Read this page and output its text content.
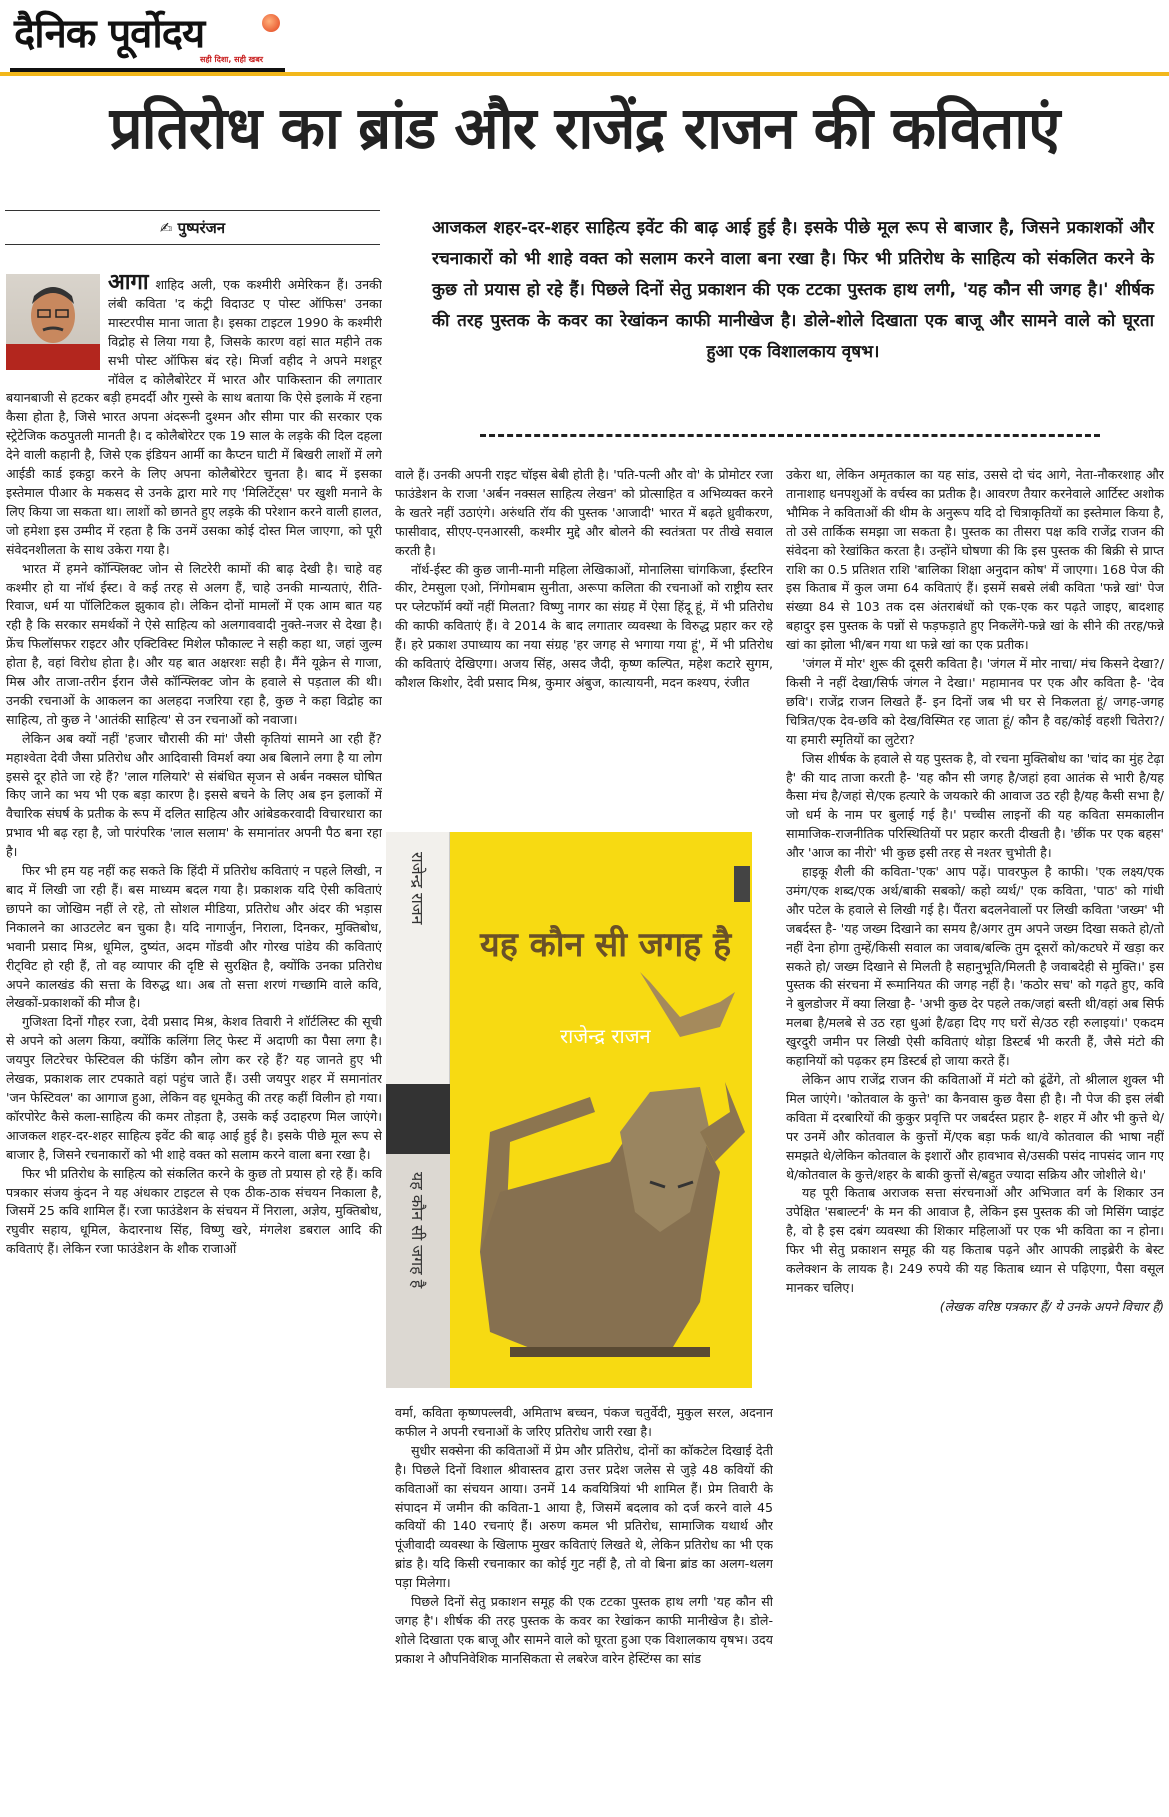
दैनिक पूर्वोदय
सही दिशा, सही खबर
प्रतिरोध का ब्रांड और राजेंद्र राजन की कविताएं
✍ पुष्परंजन	आजकल शहर-दर-शहर साहित्य इवेंट की बाढ़ आई हुई है। इसके पीछे मूल रूप से बाजार है, जिसने प्रकाशकों और रचनाकारों को भी शाहे वक्त को सलाम करने वाला बना रखा है। फिर भी प्रतिरोध के साहित्य को संकलित करने के कुछ तो प्रयास हो रहे हैं। पिछले दिनों सेतु प्रकाशन की एक टटका पुस्तक हाथ लगी, 'यह कौन सी जगह है।' शीर्षक की तरह पुस्तक के कवर का रेखांकन काफी मानीखेज है। डोले-शोले दिखाता एक बाजू और सामने वाले को घूरता हुआ एक विशालकाय वृषभ।

आगा शाहिद अली, एक कश्मीरी अमेरिकन हैं। उनकी लंबी कविता 'द कंट्री विदाउट ए पोस्ट ऑफिस' उनका मास्टरपीस माना जाता है। इसका टाइटल 1990 के कश्मीरी विद्रोह से लिया गया है, जिसके कारण वहां सात महीने तक सभी पोस्ट ऑफिस बंद रहे। मिर्जा वहीद ने अपने मशहूर नॉवेल द कोलैबोरेटर में भारत और पाकिस्तान की लगातार बयानबाजी से हटकर बड़ी हमदर्दी और गुस्से के साथ बताया कि ऐसे इलाके में रहना कैसा होता है, जिसे भारत अपना अंदरूनी दुश्मन और सीमा पार की सरकार एक स्ट्रेटेजिक कठपुतली मानती है। द कोलैबोरेटर एक 19 साल के लड़के की दिल दहला देने वाली कहानी है, जिसे एक इंडियन आर्मी का कैप्टन घाटी में बिखरी लाशों में लगे आईडी कार्ड इकट्ठा करने के लिए अपना कोलैबोरेटर चुनता है। बाद में इसका इस्तेमाल पीआर के मकसद से उनके द्वारा मारे गए 'मिलिटेंट्स' पर खुशी मनाने के लिए किया जा सकता था। लाशों को छानते हुए लड़के की परेशान करने वाली हालत, जो हमेशा इस उम्मीद में रहता है कि उनमें उसका कोई दोस्त मिल जाएगा, को पूरी संवेदनशीलता के साथ उकेरा गया है।

भारत में हमने कॉन्फ्लिक्ट जोन से लिटरेरी कामों की बाढ़ देखी है। चाहे वह कश्मीर हो या नॉर्थ ईस्ट। वे कई तरह से अलग हैं, चाहे उनकी मान्यताएं, रीति-रिवाज, धर्म या पॉलिटिकल झुकाव हो। लेकिन दोनों मामलों में एक आम बात यह रही है कि सरकार समर्थकों ने ऐसे साहित्य को अलगाववादी नुक्ते-नजर से देखा है। फ्रेंच फिलॉसफर राइटर और एक्टिविस्ट मिशेल फौकाल्ट ने सही कहा था, जहां जुल्म होता है, वहां विरोध होता है। और यह बात अक्षरशः सही है। मैंने यूक्रेन से गाजा, मिस्र और ताजा-तरीन ईरान जैसे कॉन्फ्लिक्ट जोन के हवाले से पड़ताल की थी। उनकी रचनाओं के आकलन का अलहदा नजरिया रहा है, कुछ ने कहा विद्रोह का साहित्य, तो कुछ ने 'आतंकी साहित्य' से उन रचनाओं को नवाजा।

लेकिन अब क्यों नहीं 'हजार चौरासी की मां' जैसी कृतियां सामने आ रही हैं? महाश्वेता देवी जैसा प्रतिरोध और आदिवासी विमर्श क्या अब बिलाने लगा है या लोग इससे दूर होते जा रहे हैं? 'लाल गलियारे' से संबंधित सृजन से अर्बन नक्सल घोषित किए जाने का भय भी एक बड़ा कारण है। इससे बचने के लिए अब इन इलाकों में वैचारिक संघर्ष के प्रतीक के रूप में दलित साहित्य और आंबेडकरवादी विचारधारा का प्रभाव भी बढ़ रहा है, जो पारंपरिक 'लाल सलाम' के समानांतर अपनी पैठ बना रहा है।

फिर भी हम यह नहीं कह सकते कि हिंदी में प्रतिरोध कविताएं न पहले लिखी, न बाद में लिखी जा रही हैं। बस माध्यम बदल गया है। प्रकाशक यदि ऐसी कविताएं छापने का जोखिम नहीं ले रहे, तो सोशल मीडिया, प्रतिरोध और अंदर की भड़ास निकालने का आउटलेट बन चुका है। यदि नागार्जुन, निराला, दिनकर, मुक्तिबोध, भवानी प्रसाद मिश्र, धूमिल, दुष्यंत, अदम गोंडवी और गोरख पांडेय की कविताएं रीट्विट हो रही हैं, तो वह व्यापार की दृष्टि से सुरक्षित है, क्योंकि उनका प्रतिरोध अपने कालखंड की सत्ता के विरुद्ध था। अब तो सत्ता शरणं गच्छामि वाले कवि, लेखकों-प्रकाशकों की मौज है।

गुजिश्ता दिनों गौहर रजा, देवी प्रसाद मिश्र, केशव तिवारी ने शॉर्टलिस्ट की सूची से अपने को अलग किया, क्योंकि कलिंगा लिट् फेस्ट में अदाणी का पैसा लगा है। जयपुर लिटरेचर फेस्टिवल की फंडिंग कौन लोग कर रहे हैं? यह जानते हुए भी लेखक, प्रकाशक लार टपकाते वहां पहुंच जाते हैं। उसी जयपुर शहर में समानांतर 'जन फेस्टिवल' का आगाज हुआ, लेकिन वह धूमकेतु की तरह कहीं विलीन हो गया। कॉरपोरेट कैसे कला-साहित्य की कमर तोड़ता है, उसके कई उदाहरण मिल जाएंगे। आजकल शहर-दर-शहर साहित्य इवेंट की बाढ़ आई हुई है। इसके पीछे मूल रूप से बाजार है, जिसने रचनाकारों को भी शाहे वक्त को सलाम करने वाला बना रखा है।

फिर भी प्रतिरोध के साहित्य को संकलित करने के कुछ तो प्रयास हो रहे हैं। कवि पत्रकार संजय कुंदन ने यह अंधकार टाइटल से एक ठीक-ठाक संचयन निकाला है, जिसमें 25 कवि शामिल हैं। रजा फाउंडेशन के संचयन में निराला, अज्ञेय, मुक्तिबोध, रघुवीर सहाय, धूमिल, केदारनाथ सिंह, विष्णु खरे, मंगलेश डबराल आदि की कविताएं हैं। लेकिन रजा फाउंडेशन के शौक राजाओं

वाले हैं। उनकी अपनी राइट चॉइस बेबी होती है। 'पति-पत्नी और वो' के प्रोमोटर रजा फाउंडेशन के राजा 'अर्बन नक्सल साहित्य लेखन' को प्रोत्साहित व अभिव्यक्त करने के खतरे नहीं उठाएंगे। अरुंधति रॉय की पुस्तक 'आजादी' भारत में बढ़ते ध्रुवीकरण, फासीवाद, सीएए-एनआरसी, कश्मीर मुद्दे और बोलने की स्वतंत्रता पर तीखे सवाल करती है।

नॉर्थ-ईस्ट की कुछ जानी-मानी महिला लेखिकाओं, मोनालिसा चांगकिजा, ईस्टरिन कीर, टेमसुला एओ, निंगोमबाम सुनीता, अरूपा कलिता की रचनाओं को राष्ट्रीय स्तर पर प्लेटफॉर्म क्यों नहीं मिलता? विष्णु नागर का संग्रह में ऐसा हिंदू हूं, में भी प्रतिरोध की काफी कविताएं हैं। वे 2014 के बाद लगातार व्यवस्था के विरुद्ध प्रहार कर रहे हैं। हरे प्रकाश उपाध्याय का नया संग्रह 'हर जगह से भगाया गया हूं', में भी प्रतिरोध की कविताएं देखिएगा। अजय सिंह, असद जैदी, कृष्ण कल्पित, महेश कटारे सुगम, कौशल किशोर, देवी प्रसाद मिश्र, कुमार अंबुज, कात्यायनी, मदन कश्यप, रंजीत

राजेन्द्र राजन
यह कौन सी जगह है
यह कौन सी जगह है
राजेन्द्र राजन

वर्मा, कविता कृष्णपल्लवी, अमिताभ बच्चन, पंकज चतुर्वेदी, मुकुल सरल, अदनान कफील ने अपनी रचनाओं के जरिए प्रतिरोध जारी रखा है।

सुधीर सक्सेना की कविताओं में प्रेम और प्रतिरोध, दोनों का कॉकटेल दिखाई देती है। पिछले दिनों विशाल श्रीवास्तव द्वारा उत्तर प्रदेश जलेस से जुड़े 48 कवियों की कविताओं का संचयन आया। उनमें 14 कवयित्रियां भी शामिल हैं। प्रेम तिवारी के संपादन में जमीन की कविता-1 आया है, जिसमें बदलाव को दर्ज करने वाले 45 कवियों की 140 रचनाएं हैं। अरुण कमल भी प्रतिरोध, सामाजिक यथार्थ और पूंजीवादी व्यवस्था के खिलाफ मुखर कविताएं लिखते थे, लेकिन प्रतिरोध का भी एक ब्रांड है। यदि किसी रचनाकार का कोई गुट नहीं है, तो वो बिना ब्रांड का अलग-थलग पड़ा मिलेगा।

पिछले दिनों सेतु प्रकाशन समूह की एक टटका पुस्तक हाथ लगी 'यह कौन सी जगह है'। शीर्षक की तरह पुस्तक के कवर का रेखांकन काफी मानीखेज है। डोले-शोले दिखाता एक बाजू और सामने वाले को घूरता हुआ एक विशालकाय वृषभ। उदय प्रकाश ने औपनिवेशिक मानसिकता से लबरेज वारेन हेस्टिंग्स का सांड

उकेरा था, लेकिन अमृतकाल का यह सांड, उससे दो चंद आगे, नेता-नौकरशाह और तानाशाह धनपशुओं के वर्चस्व का प्रतीक है। आवरण तैयार करनेवाले आर्टिस्ट अशोक भौमिक ने कविताओं की थीम के अनुरूप यदि दो चित्राकृतियों का इस्तेमाल किया है, तो उसे तार्किक समझा जा सकता है। पुस्तक का तीसरा पक्ष कवि राजेंद्र राजन की संवेदना को रेखांकित करता है। उन्होंने घोषणा की कि इस पुस्तक की बिक्री से प्राप्त राशि का 0.5 प्रतिशत राशि 'बालिका शिक्षा अनुदान कोष' में जाएगा। 168 पेज की इस किताब में कुल जमा 64 कविताएं हैं। इसमें सबसे लंबी कविता 'फन्ने खां' पेज संख्या 84 से 103 तक दस अंतराबंधों को एक-एक कर पढ़ते जाइए, बादशाह बहादुर इस पुस्तक के पन्नों से फड़फड़ाते हुए निकलेंगे-फन्ने खां के सीने की तरह/फन्ने खां का झोला भी/बन गया था फन्ने खां का एक प्रतीक।

'जंगल में मोर' शुरू की दूसरी कविता है। 'जंगल में मोर नाचा/ मंच किसने देखा?/ किसी ने नहीं देखा/सिर्फ जंगल ने देखा।' महामानव पर एक और कविता है- 'देव छवि'। राजेंद्र राजन लिखते हैं- इन दिनों जब भी घर से निकलता हूं/ जगह-जगह चित्रित/एक देव-छवि को देख/विस्मित रह जाता हूं/ कौन है वह/कोई वहशी चितेरा?/या हमारी स्मृतियों का लुटेरा?

जिस शीर्षक के हवाले से यह पुस्तक है, वो रचना मुक्तिबोध का 'चांद का मुंह टेढ़ा है' की याद ताजा करती है- 'यह कौन सी जगह है/जहां हवा आतंक से भारी है/यह कैसा मंच है/जहां से/एक हत्यारे के जयकारे की आवाज उठ रही है/यह कैसी सभा है/जो धर्म के नाम पर बुलाई गई है।' पच्चीस लाइनों की यह कविता समकालीन सामाजिक-राजनीतिक परिस्थितियों पर प्रहार करती दीखती है। 'छींक पर एक बहस' और 'आज का नीरो' भी कुछ इसी तरह से नश्तर चुभोती है।

हाइकू शैली की कविता-'एक' आप पढ़ें। पावरफुल है काफी। 'एक लक्ष्य/एक उमंग/एक शब्द/एक अर्थ/बाकी सबको/ कहो व्यर्थ/' एक कविता, 'पाठ' को गांधी और पटेल के हवाले से लिखी गई है। पैंतरा बदलनेवालों पर लिखी कविता 'जख्म' भी जबर्दस्त है- 'यह जख्म दिखाने का समय है/अगर तुम अपने जख्म दिखा सकते हो/तो नहीं देना होगा तुम्हें/किसी सवाल का जवाब/बल्कि तुम दूसरों को/कटघरे में खड़ा कर सकते हो/ जख्म दिखाने से मिलती है सहानुभूति/मिलती है जवाबदेही से मुक्ति।' इस पुस्तक की संरचना में रूमानियत की जगह नहीं है। 'कठोर सच' को गढ़ते हुए, कवि ने बुलडोजर में क्या लिखा है- 'अभी कुछ देर पहले तक/जहां बस्ती थी/वहां अब सिर्फ मलबा है/मलबे से उठ रहा धुआं है/ढहा दिए गए घरों से/उठ रही रुलाइयां।' एकदम खुरदुरी जमीन पर लिखी ऐसी कविताएं थोड़ा डिस्टर्ब भी करती हैं, जैसे मंटो की कहानियों को पढ़कर हम डिस्टर्ब हो जाया करते हैं।

लेकिन आप राजेंद्र राजन की कविताओं में मंटो को ढूंढेंगे, तो श्रीलाल शुक्ल भी मिल जाएंगे। 'कोतवाल के कुत्ते' का कैनवास कुछ वैसा ही है। नौ पेज की इस लंबी कविता में दरबारियों की कुकुर प्रवृत्ति पर जबर्दस्त प्रहार है- शहर में और भी कुत्ते थे/पर उनमें और कोतवाल के कुत्तों में/एक बड़ा फर्क था/वे कोतवाल की भाषा नहीं समझते थे/लेकिन कोतवाल के इशारों और हावभाव से/उसकी पसंद नापसंद जान गए थे/कोतवाल के कुत्ते/शहर के बाकी कुत्तों से/बहुत ज्यादा सक्रिय और जोशीले थे।'

यह पूरी किताब अराजक सत्ता संरचनाओं और अभिजात वर्ग के शिकार उन उपेक्षित 'सबाल्टर्न' के मन की आवाज है, लेकिन इस पुस्तक की जो मिसिंग प्वाइंट है, वो है इस दबंग व्यवस्था की शिकार महिलाओं पर एक भी कविता का न होना। फिर भी सेतु प्रकाशन समूह की यह किताब पढ़ने और आपकी लाइब्रेरी के बेस्ट कलेक्शन के लायक है। 249 रुपये की यह किताब ध्यान से पढ़िएगा, पैसा वसूल मानकर चलिए।

(लेखक वरिष्ठ पत्रकार हैं/ ये उनके अपने विचार हैं)
